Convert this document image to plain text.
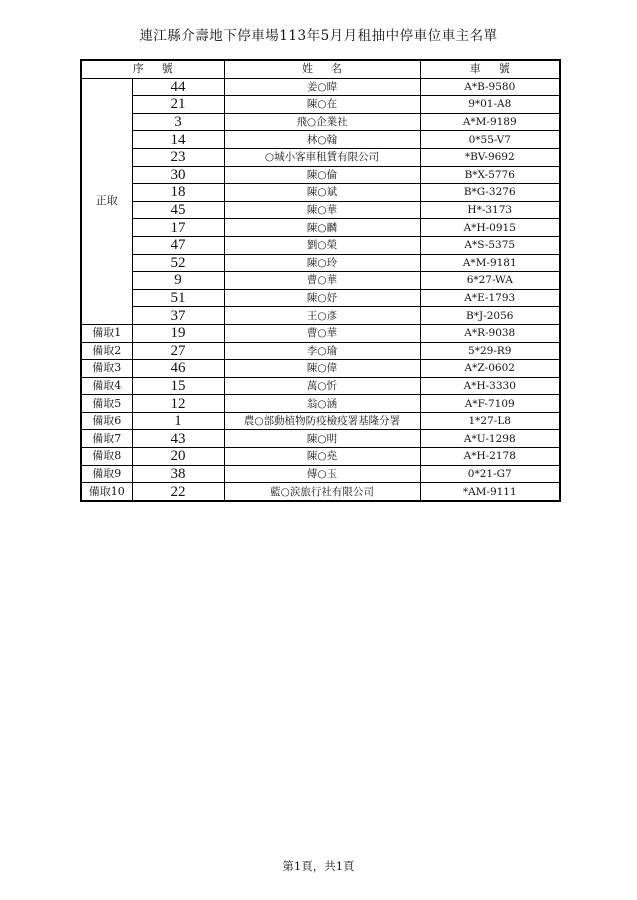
連江縣介壽地下停車場113年5月月租抽中停車位車主名單
序號		姓名	車號
正取	44	姜○暐	A*B-9580
	21	陳○在	9*01-A8
	3	飛○企業社	A*M-9189
	14	林○翰	0*55-V7
	23	○城小客車租賃有限公司	*BV-9692
	30	陳○倫	B*X-5776
	18	陳○斌	B*G-3276
	45	陳○華	H*-3173
	17	陳○麟	A*H-0915
	47	劉○榮	A*S-5375
	52	陳○玲	A*M-9181
	9	曹○華	6*27-WA
	51	陳○妤	A*E-1793
	37	王○彥	B*J-2056
備取1	19	曹○華	A*R-9038
備取2	27	李○瑜	5*29-R9
備取3	46	陳○偉	A*Z-0602
備取4	15	萬○忻	A*H-3330
備取5	12	翁○涵	A*F-7109
備取6	1	農○部動植物防疫檢疫署基隆分署	1*27-L8
備取7	43	陳○明	A*U-1298
備取8	20	陳○堯	A*H-2178
備取9	38	傅○玉	0*21-G7
備取10	22	藍○涙旅行社有限公司	*AM-9111
第1頁，共1頁
